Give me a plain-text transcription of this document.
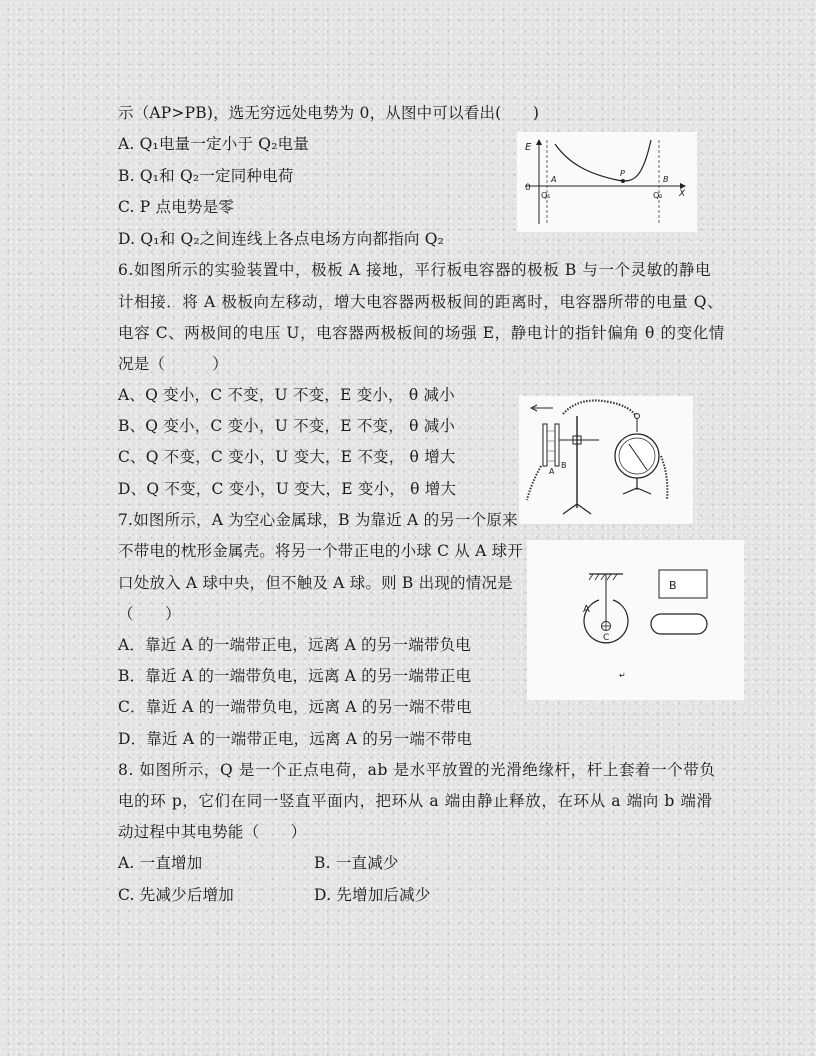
示（AP>PB)，选无穷远处电势为 0，从图中可以看出(　　)
A. Q₁电量一定小于 Q₂电量
B. Q₁和 Q₂一定同种电荷
C. P 点电势是零
D. Q₁和 Q₂之间连线上各点电场方向都指向 Q₂
E
0
X
A
P
B
Q₁	Q₂
6.如图所示的实验装置中，极板 A 接地，平行板电容器的极板 B 与一个灵敏的静电
计相接．将 A 极板向左移动，增大电容器两极板间的距离时，电容器所带的电量 Q、
电容 C、两极间的电压 U，电容器两极板间的场强 E，静电计的指针偏角 θ 的变化情
况是（　　　）
A、Q 变小，C 不变，U 不变，E 变小， θ 减小
B、Q 变小，C 变小，U 不变，E 不变， θ 减小
C、Q 不变，C 变小，U 变大，E 不变， θ 增大
D、Q 不变，C 变小，U 变大，E 变小， θ 增大
A
B
7.如图所示，A 为空心金属球，B 为靠近 A 的另一个原来
不带电的枕形金属壳。将另一个带正电的小球 C 从 A 球开
口处放入 A 球中央，但不触及 A 球。则 B 出现的情况是
（　　）
A．靠近 A 的一端带正电，远离 A 的另一端带负电
B．靠近 A 的一端带负电，远离 A 的另一端带正电
C．靠近 A 的一端带负电，远离 A 的另一端不带电
D．靠近 A 的一端带正电，远离 A 的另一端不带电
A
C
B
↵
8. 如图所示，Q 是一个正点电荷，ab 是水平放置的光滑绝缘杆，杆上套着一个带负
电的环 p，它们在同一竖直平面内，把环从 a 端由静止释放，在环从 a 端向 b 端滑
动过程中其电势能（　　）
A. 一直增加	B. 一直减少
C. 先减少后增加	D. 先增加后减少
